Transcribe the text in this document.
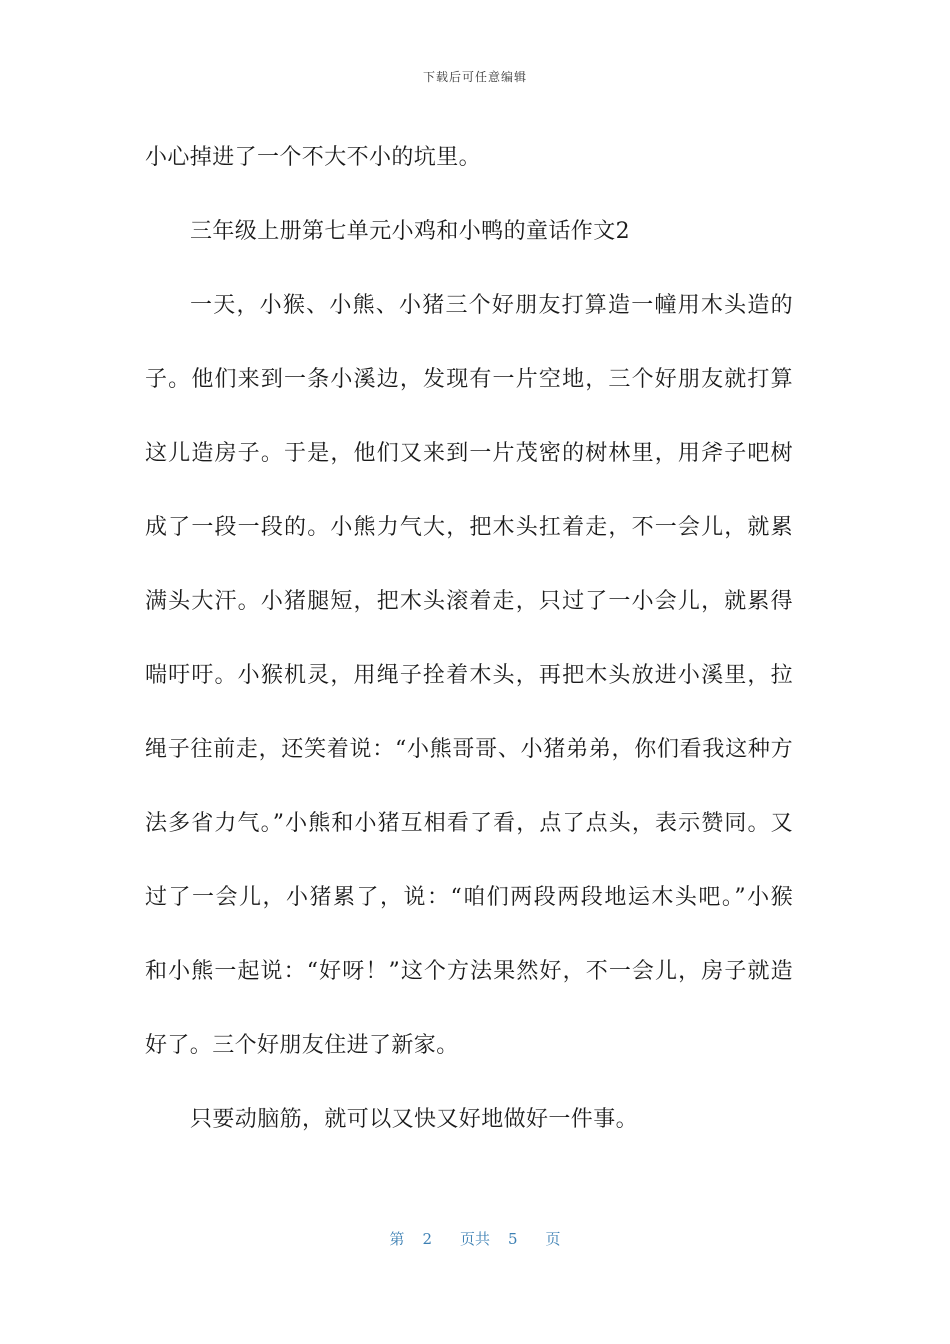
下载后可任意编辑
小心掉进了一个不大不小的坑里。
三年级上册第七单元小鸡和小鸭的童话作文2
一天，小猴、小熊、小猪三个好朋友打算造一幢用木头造的
子。他们来到一条小溪边，发现有一片空地，三个好朋友就打算
这儿造房子。于是，他们又来到一片茂密的树林里，用斧子吧树
成了一段一段的。小熊力气大，把木头扛着走，不一会儿，就累
满头大汗。小猪腿短，把木头滚着走，只过了一小会儿，就累得
喘吁吁。小猴机灵，用绳子拴着木头，再把木头放进小溪里，拉
绳子往前走，还笑着说：“小熊哥哥、小猪弟弟，你们看我这种方
法多省力气。”小熊和小猪互相看了看，点了点头，表示赞同。又
过了一会儿，小猪累了，说：“咱们两段两段地运木头吧。”小猴
和小熊一起说：“好呀！”这个方法果然好，不一会儿，房子就造
好了。三个好朋友住进了新家。
只要动脑筋，就可以又快又好地做好一件事。
第 2 页共 5 页
